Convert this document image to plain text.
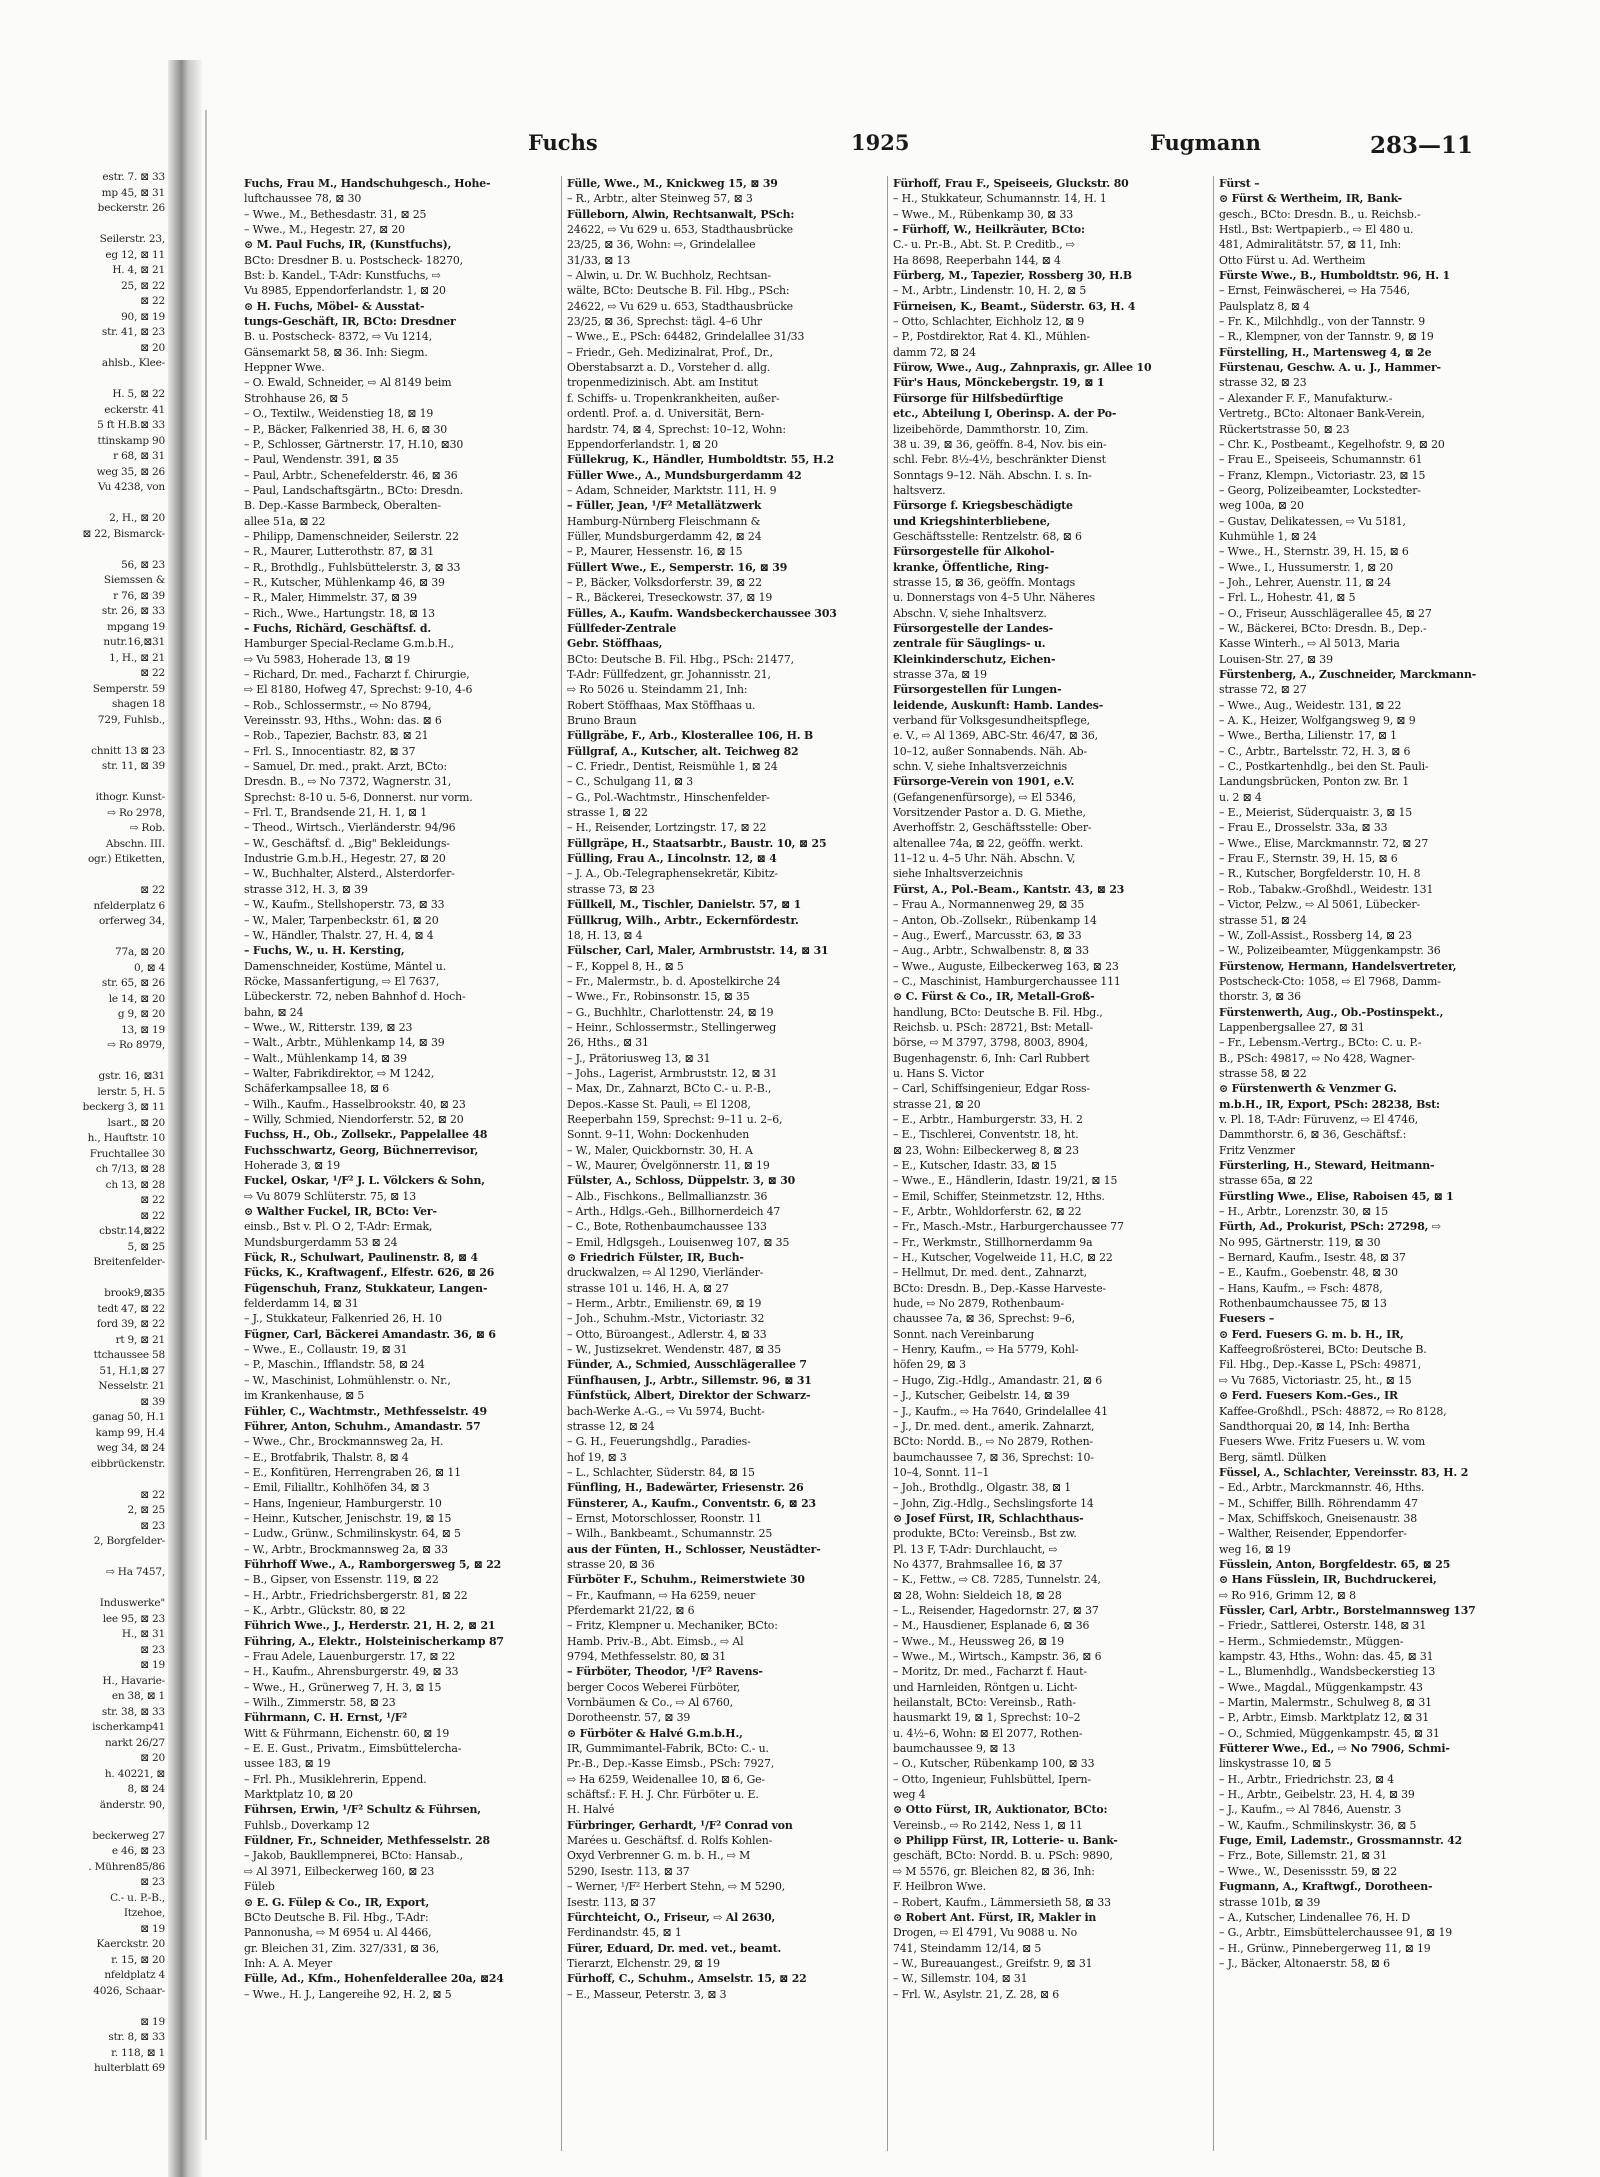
estr. 7. ⊠ 33
mp 45, ⊠ 31
beckerstr. 26
Seilerstr. 23,
eg 12, ⊠ 11
H. 4, ⊠ 21
25, ⊠ 22
⊠ 22
90, ⊠ 19
str. 41, ⊠ 23
⊠ 20
ahlsb., Klee-
H. 5, ⊠ 22
eckerstr. 41
5 ft H.B.⊠ 33
ttinskamp 90
r 68, ⊠ 31
weg 35, ⊠ 26
Vu 4238, von
2, H., ⊠ 20
⊠ 22, Bismarck-
56, ⊠ 23
Siemssen &
r 76, ⊠ 39
str. 26, ⊠ 33
mpgang 19
nutr.16,⊠31
1, H., ⊠ 21
⊠ 22
Semperstr. 59
shagen 18
729, Fuhlsb.,
chnitt 13 ⊠ 23
str. 11, ⊠ 39
ithogr. Kunst-
⇨ Ro 2978,
⇨ Rob.
Abschn. III.
ogr.) Etiketten,
⊠ 22
nfelderplatz 6
orferweg 34,
77a, ⊠ 20
0, ⊠ 4
str. 65, ⊠ 26
le 14, ⊠ 20
g 9, ⊠ 20
13, ⊠ 19
⇨ Ro 8979,
gstr. 16, ⊠31
lerstr. 5, H. 5
beckerg 3, ⊠ 11
lsart., ⊠ 20
h., Hauftstr. 10
Fruchtallee 30
ch 7/13, ⊠ 28
ch 13, ⊠ 28
⊠ 22
⊠ 22
cbstr.14,⊠22
5, ⊠ 25
Breitenfelder-
brook9,⊠35
tedt 47, ⊠ 22
ford 39, ⊠ 22
rt 9, ⊠ 21
ttchaussee 58
51, H.1,⊠ 27
Nesselstr. 21
⊠ 39
ganag 50, H.1
kamp 99, H.4
weg 34, ⊠ 24
eibbrückenstr.
⊠ 22
2, ⊠ 25
⊠ 23
2, Borgfelder-
⇨ Ha 7457,
Induswerke"
lee 95, ⊠ 23
H., ⊠ 31
⊠ 23
⊠ 19
H., Havarie-
en 38, ⊠ 1
str. 38, ⊠ 33
ischerkamp41
narkt 26/27
⊠ 20
h. 40221, ⊠
8, ⊠ 24
änderstr. 90,
beckerweg 27
e 46, ⊠ 23
. Mühren85/86
⊠ 23
C.- u. P.-B.,
Itzehoe,
⊠ 19
Kaerckstr. 20
r. 15, ⊠ 20
nfeldplatz 4
4026, Schaar-
⊠ 19
str. 8, ⊠ 33
r. 118, ⊠ 1
hulterblatt 69
Fuchs	1925	Fugmann	283—11
Fuchs, Frau M., Handschuhgesch., Hohe-
luftchaussee 78, ⊠ 30
– Wwe., M., Bethesdastr. 31, ⊠ 25
– Wwe., M., Hegestr. 27, ⊠ 20
⊙ M. Paul Fuchs, IR, (Kunstfuchs),
BCto: Dresdner B. u. Postscheck- 18270,
Bst: b. Kandel., T-Adr: Kunstfuchs, ⇨
Vu 8985, Eppendorferlandstr. 1, ⊠ 20
⊙ H. Fuchs, Möbel- & Ausstat-
tungs-Geschäft, IR, BCto: Dresdner
B. u. Postscheck- 8372, ⇨ Vu 1214,
Gänsemarkt 58, ⊠ 36. Inh: Siegm.
Heppner Wwe.
– O. Ewald, Schneider, ⇨ Al 8149 beim
Strohhause 26, ⊠ 5
– O., Textilw., Weidenstieg 18, ⊠ 19
– P., Bäcker, Falkenried 38, H. 6, ⊠ 30
– P., Schlosser, Gärtnerstr. 17, H.10, ⊠30
– Paul, Wendenstr. 391, ⊠ 35
– Paul, Arbtr., Schenefelderstr. 46, ⊠ 36
– Paul, Landschaftsgärtn., BCto: Dresdn.
B. Dep.-Kasse Barmbeck, Oberalten-
allee 51a, ⊠ 22
– Philipp, Damenschneider, Seilerstr. 22
– R., Maurer, Lutterothstr. 87, ⊠ 31
– R., Brothdlg., Fuhlsbüttelerstr. 3, ⊠ 33
– R., Kutscher, Mühlenkamp 46, ⊠ 39
– R., Maler, Himmelstr. 37, ⊠ 39
– Rich., Wwe., Hartungstr. 18, ⊠ 13
– Fuchs, Richärd, Geschäftsf. d.
Hamburger Special-Reclame G.m.b.H.,
⇨ Vu 5983, Hoherade 13, ⊠ 19
– Richard, Dr. med., Facharzt f. Chirurgie,
⇨ El 8180, Hofweg 47, Sprechst: 9-10, 4-6
– Rob., Schlossermstr., ⇨ No 8794,
Vereinsstr. 93, Hths., Wohn: das. ⊠ 6
– Rob., Tapezier, Bachstr. 83, ⊠ 21
– Frl. S., Innocentiastr. 82, ⊠ 37
– Samuel, Dr. med., prakt. Arzt, BCto:
Dresdn. B., ⇨ No 7372, Wagnerstr. 31,
Sprechst: 8-10 u. 5-6, Donnerst. nur vorm.
– Frl. T., Brandsende 21, H. 1, ⊠ 1
– Theod., Wirtsch., Vierländerstr. 94/96
– W., Geschäftsf. d. „Big" Bekleidungs-
Industrie G.m.b.H., Hegestr. 27, ⊠ 20
– W., Buchhalter, Alsterd., Alsterdorfer-
strasse 312, H. 3, ⊠ 39
– W., Kaufm., Stellshoperstr. 73, ⊠ 33
– W., Maler, Tarpenbeckstr. 61, ⊠ 20
– W., Händler, Thalstr. 27, H. 4, ⊠ 4
– Fuchs, W., u. H. Kersting,
Damenschneider, Kostüme, Mäntel u.
Röcke, Massanfertigung, ⇨ El 7637,
Lübeckerstr. 72, neben Bahnhof d. Hoch-
bahn, ⊠ 24
– Wwe., W., Ritterstr. 139, ⊠ 23
– Walt., Arbtr., Mühlenkamp 14, ⊠ 39
– Walt., Mühlenkamp 14, ⊠ 39
– Walter, Fabrikdirektor, ⇨ M 1242,
Schäferkampsallee 18, ⊠ 6
– Wilh., Kaufm., Hasselbrookstr. 40, ⊠ 23
– Willy, Schmied, Niendorferstr. 52, ⊠ 20
Fuchss, H., Ob., Zollsekr., Pappelallee 48
Fuchsschwartz, Georg, Büchnerrevisor,
Hoherade 3, ⊠ 19
Fuckel, Oskar, ¹/F² J. L. Völckers & Sohn,
⇨ Vu 8079 Schlüterstr. 75, ⊠ 13
⊙ Walther Fuckel, IR, BCto: Ver-
einsb., Bst v. Pl. O 2, T-Adr: Ermak,
Mundsburgerdamm 53 ⊠ 24
Fück, R., Schulwart, Paulinenstr. 8, ⊠ 4
Fücks, K., Kraftwagenf., Elfestr. 626, ⊠ 26
Fügenschuh, Franz, Stukkateur, Langen-
felderdamm 14, ⊠ 31
– J., Stukkateur, Falkenried 26, H. 10
Fügner, Carl, Bäckerei Amandastr. 36, ⊠ 6
– Wwe., E., Collaustr. 19, ⊠ 31
– P., Maschin., Ifflandstr. 58, ⊠ 24
– W., Maschinist, Lohmühlenstr. o. Nr.,
im Krankenhause, ⊠ 5
Fühler, C., Wachtmstr., Methfesselstr. 49
Führer, Anton, Schuhm., Amandastr. 57
– Wwe., Chr., Brockmannsweg 2a, H.
– E., Brotfabrik, Thalstr. 8, ⊠ 4
– E., Konfitüren, Herrengraben 26, ⊠ 11
– Emil, Filialltr., Kohlhöfen 34, ⊠ 3
– Hans, Ingenieur, Hamburgerstr. 10
– Heinr., Kutscher, Jenischstr. 19, ⊠ 15
– Ludw., Grünw., Schmilinskystr. 64, ⊠ 5
– W., Arbtr., Brockmannsweg 2a, ⊠ 33
Führhoff Wwe., A., Ramborgersweg 5, ⊠ 22
– B., Gipser, von Essenstr. 119, ⊠ 22
– H., Arbtr., Friedrichsbergerstr. 81, ⊠ 22
– K., Arbtr., Glückstr. 80, ⊠ 22
Führich Wwe., J., Herderstr. 21, H. 2, ⊠ 21
Führing, A., Elektr., Holsteinischerkamp 87
– Frau Adele, Lauenburgerstr. 17, ⊠ 22
– H., Kaufm., Ahrensburgerstr. 49, ⊠ 33
– Wwe., H., Grünerweg 7, H. 3, ⊠ 15
– Wilh., Zimmerstr. 58, ⊠ 23
Führmann, C. H. Ernst, ¹/F²
Witt & Führmann, Eichenstr. 60, ⊠ 19
– E. E. Gust., Privatm., Eimsbüttelercha-
ussee 183, ⊠ 19
– Frl. Ph., Musiklehrerin, Eppend.
Marktplatz 10, ⊠ 20
Führsen, Erwin, ¹/F² Schultz & Führsen,
Fuhlsb., Doverkamp 12
Füldner, Fr., Schneider, Methfesselstr. 28
– Jakob, Baukllempnerei, BCto: Hansab.,
⇨ Al 3971, Eilbeckerweg 160, ⊠ 23
Füleb
⊙ E. G. Fülep & Co., IR, Export,
BCto Deutsche B. Fil. Hbg., T-Adr:
Pannonusha, ⇨ M 6954 u. Al 4466,
gr. Bleichen 31, Zim. 327/331, ⊠ 36,
Inh: A. A. Meyer
Fülle, Ad., Kfm., Hohenfelderallee 20a, ⊠24
– Wwe., H. J., Langereihe 92, H. 2, ⊠ 5
Fülle, Wwe., M., Knickweg 15, ⊠ 39
– R., Arbtr., alter Steinweg 57, ⊠ 3
Fülleborn, Alwin, Rechtsanwalt, PSch:
24622, ⇨ Vu 629 u. 653, Stadthausbrücke
23/25, ⊠ 36, Wohn: ⇨, Grindelallee
31/33, ⊠ 13
– Alwin, u. Dr. W. Buchholz, Rechtsan-
wälte, BCto: Deutsche B. Fil. Hbg., PSch:
24622, ⇨ Vu 629 u. 653, Stadthausbrücke
23/25, ⊠ 36, Sprechst: tägl. 4–6 Uhr
– Wwe., E., PSch: 64482, Grindelallee 31/33
– Friedr., Geh. Medizinalrat, Prof., Dr.,
Oberstabsarzt a. D., Vorsteher d. allg.
tropenmedizinisch. Abt. am Institut
f. Schiffs- u. Tropenkrankheiten, außer-
ordentl. Prof. a. d. Universität, Bern-
hardstr. 74, ⊠ 4, Sprechst: 10–12, Wohn:
Eppendorferlandstr. 1, ⊠ 20
Füllekrug, K., Händler, Humboldtstr. 55, H.2
Füller Wwe., A., Mundsburgerdamm 42
– Adam, Schneider, Marktstr. 111, H. 9
– Füller, Jean, ¹/F² Metallätzwerk
Hamburg-Nürnberg Fleischmann &
Füller, Mundsburgerdamm 42, ⊠ 24
– P., Maurer, Hessenstr. 16, ⊠ 15
Füllert Wwe., E., Semperstr. 16, ⊠ 39
– P., Bäcker, Volksdorferstr. 39, ⊠ 22
– R., Bäckerei, Treseckowstr. 37, ⊠ 19
Fülles, A., Kaufm. Wandsbeckerchaussee 303
Füllfeder-Zentrale
Gebr. Stöffhaas,
BCto: Deutsche B. Fil. Hbg., PSch: 21477,
T-Adr: Füllfedzent, gr. Johannisstr. 21,
⇨ Ro 5026 u. Steindamm 21, Inh:
Robert Stöffhaas, Max Stöffhaas u.
Bruno Braun
Füllgräbe, F., Arb., Klosterallee 106, H. B
Füllgraf, A., Kutscher, alt. Teichweg 82
– C. Friedr., Dentist, Reismühle 1, ⊠ 24
– C., Schulgang 11, ⊠ 3
– G., Pol.-Wachtmstr., Hinschenfelder-
strasse 1, ⊠ 22
– H., Reisender, Lortzingstr. 17, ⊠ 22
Füllgräpe, H., Staatsarbtr., Baustr. 10, ⊠ 25
Fülling, Frau A., Lincolnstr. 12, ⊠ 4
– J. A., Ob.-Telegraphensekretär, Kibitz-
strasse 73, ⊠ 23
Füllkell, M., Tischler, Danielstr. 57, ⊠ 1
Füllkrug, Wilh., Arbtr., Eckernfördestr.
18, H. 13, ⊠ 4
Fülscher, Carl, Maler, Armbruststr. 14, ⊠ 31
– F., Koppel 8, H., ⊠ 5
– Fr., Malermstr., b. d. Apostelkirche 24
– Wwe., Fr., Robinsonstr. 15, ⊠ 35
– G., Buchhltr., Charlottenstr. 24, ⊠ 19
– Heinr., Schlossermstr., Stellingerweg
26, Hths., ⊠ 31
– J., Prätoriusweg 13, ⊠ 31
– Johs., Lagerist, Armbruststr. 12, ⊠ 31
– Max, Dr., Zahnarzt, BCto C.- u. P.-B.,
Depos.-Kasse St. Pauli, ⇨ El 1208,
Reeperbahn 159, Sprechst: 9–11 u. 2–6,
Sonnt. 9–11, Wohn: Dockenhuden
– W., Maler, Quickbornstr. 30, H. A
– W., Maurer, Övelgönnerstr. 11, ⊠ 19
Fülster, A., Schloss, Düppelstr. 3, ⊠ 30
– Alb., Fischkons., Bellmallianzstr. 36
– Arth., Hdlgs.-Geh., Billhornerdeich 47
– C., Bote, Rothenbaumchaussee 133
– Emil, Hdlgsgeh., Louisenweg 107, ⊠ 35
⊙ Friedrich Fülster, IR, Buch-
druckwalzen, ⇨ Al 1290, Vierländer-
strasse 101 u. 146, H. A, ⊠ 27
– Herm., Arbtr., Emilienstr. 69, ⊠ 19
– Joh., Schuhm.-Mstr., Victoriastr. 32
– Otto, Büroangest., Adlerstr. 4, ⊠ 33
– W., Justizsekret. Wendenstr. 487, ⊠ 35
Fünder, A., Schmied, Ausschlägerallee 7
Fünfhausen, J., Arbtr., Sillemstr. 96, ⊠ 31
Fünfstück, Albert, Direktor der Schwarz-
bach-Werke A.-G., ⇨ Vu 5974, Bucht-
strasse 12, ⊠ 24
– G. H., Feuerungshdlg., Paradies-
hof 19, ⊠ 3
– L., Schlachter, Süderstr. 84, ⊠ 15
Fünfling, H., Badewärter, Friesenstr. 26
Fünsterer, A., Kaufm., Conventstr. 6, ⊠ 23
– Ernst, Motorschlosser, Roonstr. 11
– Wilh., Bankbeamt., Schumannstr. 25
aus der Fünten, H., Schlosser, Neustädter-
strasse 20, ⊠ 36
Fürböter F., Schuhm., Reimerstwiete 30
– Fr., Kaufmann, ⇨ Ha 6259, neuer
Pferdemarkt 21/22, ⊠ 6
– Fritz, Klempner u. Mechaniker, BCto:
Hamb. Priv.-B., Abt. Eimsb., ⇨ Al
9794, Methfesselstr. 80, ⊠ 31
– Fürböter, Theodor, ¹/F² Ravens-
berger Cocos Weberei Fürböter,
Vornbäumen & Co., ⇨ Al 6760,
Dorotheenstr. 57, ⊠ 39
⊙ Fürböter & Halvé G.m.b.H.,
IR, Gummimantel-Fabrik, BCto: C.- u.
Pr.-B., Dep.-Kasse Eimsb., PSch: 7927,
⇨ Ha 6259, Weidenallee 10, ⊠ 6, Ge-
schäftsf.: F. H. J. Chr. Fürböter u. E.
H. Halvé
Fürbringer, Gerhardt, ¹/F² Conrad von
Marées u. Geschäftsf. d. Rolfs Kohlen-
Oxyd Verbrenner G. m. b. H., ⇨ M
5290, Isestr. 113, ⊠ 37
– Werner, ¹/F² Herbert Stehn, ⇨ M 5290,
Isestr. 113, ⊠ 37
Fürchteicht, O., Friseur, ⇨ Al 2630,
Ferdinandstr. 45, ⊠ 1
Fürer, Eduard, Dr. med. vet., beamt.
Tierarzt, Elchenstr. 29, ⊠ 19
Fürhoff, C., Schuhm., Amselstr. 15, ⊠ 22
– E., Masseur, Peterstr. 3, ⊠ 3
Fürhoff, Frau F., Speiseeis, Gluckstr. 80
– H., Stukkateur, Schumannstr. 14, H. 1
– Wwe., M., Rübenkamp 30, ⊠ 33
– Fürhoff, W., Heilkräuter, BCto:
C.- u. Pr.-B., Abt. St. P. Creditb., ⇨
Ha 8698, Reeperbahn 144, ⊠ 4
Fürberg, M., Tapezier, Rossberg 30, H.B
– M., Arbtr., Lindenstr. 10, H. 2, ⊠ 5
Fürneisen, K., Beamt., Süderstr. 63, H. 4
– Otto, Schlachter, Eichholz 12, ⊠ 9
– P., Postdirektor, Rat 4. Kl., Mühlen-
damm 72, ⊠ 24
Fürow, Wwe., Aug., Zahnpraxis, gr. Allee 10
Für's Haus, Mönckebergstr. 19, ⊠ 1
Fürsorge für Hilfsbedürftige
etc., Abteilung I, Oberinsp. A. der Po-
lizeibehörde, Dammthorstr. 10, Zim.
38 u. 39, ⊠ 36, geöffn. 8-4, Nov. bis ein-
schl. Febr. 8½-4½, beschränkter Dienst
Sonntags 9–12. Näh. Abschn. I. s. In-
haltsverz.
Fürsorge f. Kriegsbeschädigte
und Kriegshinterbliebene,
Geschäftsstelle: Rentzelstr. 68, ⊠ 6
Fürsorgestelle für Alkohol-
kranke, Öffentliche, Ring-
strasse 15, ⊠ 36, geöffn. Montags
u. Donnerstags von 4–5 Uhr. Näheres
Abschn. V, siehe Inhaltsverz.
Fürsorgestelle der Landes-
zentrale für Säuglings- u.
Kleinkinderschutz, Eichen-
strasse 37a, ⊠ 19
Fürsorgestellen für Lungen-
leidende, Auskunft: Hamb. Landes-
verband für Volksgesundheitspflege,
e. V., ⇨ Al 1369, ABC-Str. 46/47, ⊠ 36,
10–12, außer Sonnabends. Näh. Ab-
schn. V, siehe Inhaltsverzeichnis
Fürsorge-Verein von 1901, e.V.
(Gefangenenfürsorge), ⇨ El 5346,
Vorsitzender Pastor a. D. G. Miethe,
Averhoffstr. 2, Geschäftsstelle: Ober-
altenallee 74a, ⊠ 22, geöffn. werkt.
11–12 u. 4–5 Uhr. Näh. Abschn. V,
siehe Inhaltsverzeichnis
Fürst, A., Pol.-Beam., Kantstr. 43, ⊠ 23
– Frau A., Normannenweg 29, ⊠ 35
– Anton, Ob.-Zollsekr., Rübenkamp 14
– Aug., Ewerf., Marcusstr. 63, ⊠ 33
– Aug., Arbtr., Schwalbenstr. 8, ⊠ 33
– Wwe., Auguste, Eilbeckerweg 163, ⊠ 23
– C., Maschinist, Hamburgerchaussee 111
⊙ C. Fürst & Co., IR, Metall-Groß-
handlung, BCto: Deutsche B. Fil. Hbg.,
Reichsb. u. PSch: 28721, Bst: Metall-
börse, ⇨ M 3797, 3798, 8003, 8904,
Bugenhagenstr. 6, Inh: Carl Rubbert
u. Hans S. Victor
– Carl, Schiffsingenieur, Edgar Ross-
strasse 21, ⊠ 20
– E., Arbtr., Hamburgerstr. 33, H. 2
– E., Tischlerei, Conventstr. 18, ht.
⊠ 23, Wohn: Eilbeckerweg 8, ⊠ 23
– E., Kutscher, Idastr. 33, ⊠ 15
– Wwe., E., Händlerin, Idastr. 19/21, ⊠ 15
– Emil, Schiffer, Steinmetzstr. 12, Hths.
– F., Arbtr., Wohldorferstr. 62, ⊠ 22
– Fr., Masch.-Mstr., Harburgerchaussee 77
– Fr., Werkmstr., Stillhornerdamm 9a
– H., Kutscher, Vogelweide 11, H.C, ⊠ 22
– Hellmut, Dr. med. dent., Zahnarzt,
BCto: Dresdn. B., Dep.-Kasse Harveste-
hude, ⇨ No 2879, Rothenbaum-
chaussee 7a, ⊠ 36, Sprechst: 9–6,
Sonnt. nach Vereinbarung
– Henry, Kaufm., ⇨ Ha 5779, Kohl-
höfen 29, ⊠ 3
– Hugo, Zig.-Hdlg., Amandastr. 21, ⊠ 6
– J., Kutscher, Geibelstr. 14, ⊠ 39
– J., Kaufm., ⇨ Ha 7640, Grindelallee 41
– J., Dr. med. dent., amerik. Zahnarzt,
BCto: Nordd. B., ⇨ No 2879, Rothen-
baumchaussee 7, ⊠ 36, Sprechst: 10-
10–4, Sonnt. 11–1
– Joh., Brothdlg., Olgastr. 38, ⊠ 1
– John, Zig.-Hdlg., Sechslingsforte 14
⊙ Josef Fürst, IR, Schlachthaus-
produkte, BCto: Vereinsb., Bst zw.
Pl. 13 F, T-Adr: Durchlaucht, ⇨
No 4377, Brahmsallee 16, ⊠ 37
– K., Fettw., ⇨ C8. 7285, Tunnelstr. 24,
⊠ 28, Wohn: Sieldeich 18, ⊠ 28
– L., Reisender, Hagedornstr. 27, ⊠ 37
– M., Hausdiener, Esplanade 6, ⊠ 36
– Wwe., M., Heussweg 26, ⊠ 19
– Wwe., M., Wirtsch., Kampstr. 36, ⊠ 6
– Moritz, Dr. med., Facharzt f. Haut-
und Harnleiden, Röntgen u. Licht-
heilanstalt, BCto: Vereinsb., Rath-
hausmarkt 19, ⊠ 1, Sprechst: 10–2
u. 4½–6, Wohn: ⊠ El 2077, Rothen-
baumchaussee 9, ⊠ 13
– O., Kutscher, Rübenkamp 100, ⊠ 33
– Otto, Ingenieur, Fuhlsbüttel, Ipern-
weg 4
⊙ Otto Fürst, IR, Auktionator, BCto:
Vereinsb., ⇨ Ro 2142, Ness 1, ⊠ 11
⊙ Philipp Fürst, IR, Lotterie- u. Bank-
geschäft, BCto: Nordd. B. u. PSch: 9890,
⇨ M 5576, gr. Bleichen 82, ⊠ 36, Inh:
F. Heilbron Wwe.
– Robert, Kaufm., Lämmersieth 58, ⊠ 33
⊙ Robert Ant. Fürst, IR, Makler in
Drogen, ⇨ El 4791, Vu 9088 u. No
741, Steindamm 12/14, ⊠ 5
– W., Bureauangest., Greifstr. 9, ⊠ 31
– W., Sillemstr. 104, ⊠ 31
– Frl. W., Asylstr. 21, Z. 28, ⊠ 6
Fürst –
⊙ Fürst & Wertheim, IR, Bank-
gesch., BCto: Dresdn. B., u. Reichsb.-
Hstl., Bst: Wertpapierb., ⇨ El 480 u.
481, Admiralitätstr. 57, ⊠ 11, Inh:
Otto Fürst u. Ad. Wertheim
Fürste Wwe., B., Humboldtstr. 96, H. 1
– Ernst, Feinwäscherei, ⇨ Ha 7546,
Paulsplatz 8, ⊠ 4
– Fr. K., Milchhdlg., von der Tannstr. 9
– R., Klempner, von der Tannstr. 9, ⊠ 19
Fürstelling, H., Martensweg 4, ⊠ 2e
Fürstenau, Geschw. A. u. J., Hammer-
strasse 32, ⊠ 23
– Alexander F. F., Manufakturw.-
Vertretg., BCto: Altonaer Bank-Verein,
Rückertstrasse 50, ⊠ 23
– Chr. K., Postbeamt., Kegelhofstr. 9, ⊠ 20
– Frau E., Speiseeis, Schumannstr. 61
– Franz, Klempn., Victoriastr. 23, ⊠ 15
– Georg, Polizeibeamter, Lockstedter-
weg 100a, ⊠ 20
– Gustav, Delikatessen, ⇨ Vu 5181,
Kuhmühle 1, ⊠ 24
– Wwe., H., Sternstr. 39, H. 15, ⊠ 6
– Wwe., I., Hussumerstr. 1, ⊠ 20
– Joh., Lehrer, Auenstr. 11, ⊠ 24
– Frl. L., Hohestr. 41, ⊠ 5
– O., Friseur, Ausschlägerallee 45, ⊠ 27
– W., Bäckerei, BCto: Dresdn. B., Dep.-
Kasse Winterh., ⇨ Al 5013, Maria
Louisen-Str. 27, ⊠ 39
Fürstenberg, A., Zuschneider, Marckmann-
strasse 72, ⊠ 27
– Wwe., Aug., Weidestr. 131, ⊠ 22
– A. K., Heizer, Wolfgangsweg 9, ⊠ 9
– Wwe., Bertha, Lilienstr. 17, ⊠ 1
– C., Arbtr., Bartelsstr. 72, H. 3, ⊠ 6
– C., Postkartenhdlg., bei den St. Pauli-
Landungsbrücken, Ponton zw. Br. 1
u. 2 ⊠ 4
– E., Meierist, Süderquaistr. 3, ⊠ 15
– Frau E., Drosselstr. 33a, ⊠ 33
– Wwe., Elise, Marckmannstr. 72, ⊠ 27
– Frau F., Sternstr. 39, H. 15, ⊠ 6
– R., Kutscher, Borgfelderstr. 10, H. 8
– Rob., Tabakw.-Großhdl., Weidestr. 131
– Victor, Pelzw., ⇨ Al 5061, Lübecker-
strasse 51, ⊠ 24
– W., Zoll-Assist., Rossberg 14, ⊠ 23
– W., Polizeibeamter, Müggenkampstr. 36
Fürstenow, Hermann, Handelsvertreter,
Postscheck-Cto: 1058, ⇨ El 7968, Damm-
thorstr. 3, ⊠ 36
Fürstenwerth, Aug., Ob.-Postinspekt.,
Lappenbergsallee 27, ⊠ 31
– Fr., Lebensm.-Vertrg., BCto: C. u. P.-
B., PSch: 49817, ⇨ No 428, Wagner-
strasse 58, ⊠ 22
⊙ Fürstenwerth & Venzmer G.
m.b.H., IR, Export, PSch: 28238, Bst:
v. Pl. 18, T-Adr: Füruvenz, ⇨ El 4746,
Dammthorstr. 6, ⊠ 36, Geschäftsf.:
Fritz Venzmer
Fürsterling, H., Steward, Heitmann-
strasse 65a, ⊠ 22
Fürstling Wwe., Elise, Raboisen 45, ⊠ 1
– H., Arbtr., Lorenzstr. 30, ⊠ 15
Fürth, Ad., Prokurist, PSch: 27298, ⇨
No 995, Gärtnerstr. 119, ⊠ 30
– Bernard, Kaufm., Isestr. 48, ⊠ 37
– E., Kaufm., Goebenstr. 48, ⊠ 30
– Hans, Kaufm., ⇨ Fsch: 4878,
Rothenbaumchaussee 75, ⊠ 13
Fuesers –
⊙ Ferd. Fuesers G. m. b. H., IR,
Kaffeegroßrösterei, BCto: Deutsche B.
Fil. Hbg., Dep.-Kasse L, PSch: 49871,
⇨ Vu 7685, Victoriastr. 25, ht., ⊠ 15
⊙ Ferd. Fuesers Kom.-Ges., IR
Kaffee-Großhdl., PSch: 48872, ⇨ Ro 8128,
Sandthorquai 20, ⊠ 14, Inh: Bertha
Fuesers Wwe. Fritz Fuesers u. W. vom
Berg, sämtl. Dülken
Füssel, A., Schlachter, Vereinsstr. 83, H. 2
– Ed., Arbtr., Marckmannstr. 46, Hths.
– M., Schiffer, Billh. Röhrendamm 47
– Max, Schiffskoch, Gneisenaustr. 38
– Walther, Reisender, Eppendorfer-
weg 16, ⊠ 19
Füsslein, Anton, Borgfeldestr. 65, ⊠ 25
⊙ Hans Füsslein, IR, Buchdruckerei,
⇨ Ro 916, Grimm 12, ⊠ 8
Füssler, Carl, Arbtr., Borstelmannsweg 137
– Friedr., Sattlerei, Osterstr. 148, ⊠ 31
– Herm., Schmiedemstr., Müggen-
kampstr. 43, Hths., Wohn: das. 45, ⊠ 31
– L., Blumenhdlg., Wandsbeckerstieg 13
– Wwe., Magdal., Müggenkampstr. 43
– Martin, Malermstr., Schulweg 8, ⊠ 31
– P., Arbtr., Eimsb. Marktplatz 12, ⊠ 31
– O., Schmied, Müggenkampstr. 45, ⊠ 31
Fütterer Wwe., Ed., ⇨ No 7906, Schmi-
linskystrasse 10, ⊠ 5
– H., Arbtr., Friedrichstr. 23, ⊠ 4
– H., Arbtr., Geibelstr. 23, H. 4, ⊠ 39
– J., Kaufm., ⇨ Al 7846, Auenstr. 3
– W., Kaufm., Schmilinskystr. 36, ⊠ 5
Fuge, Emil, Lademstr., Grossmannstr. 42
– Frz., Bote, Sillemstr. 21, ⊠ 31
– Wwe., W., Desenissstr. 59, ⊠ 22
Fugmann, A., Kraftwgf., Dorotheen-
strasse 101b, ⊠ 39
– A., Kutscher, Lindenallee 76, H. D
– G., Arbtr., Eimsbüttelerchaussee 91, ⊠ 19
– H., Grünw., Pinnebergerweg 11, ⊠ 19
– J., Bäcker, Altonaerstr. 58, ⊠ 6
